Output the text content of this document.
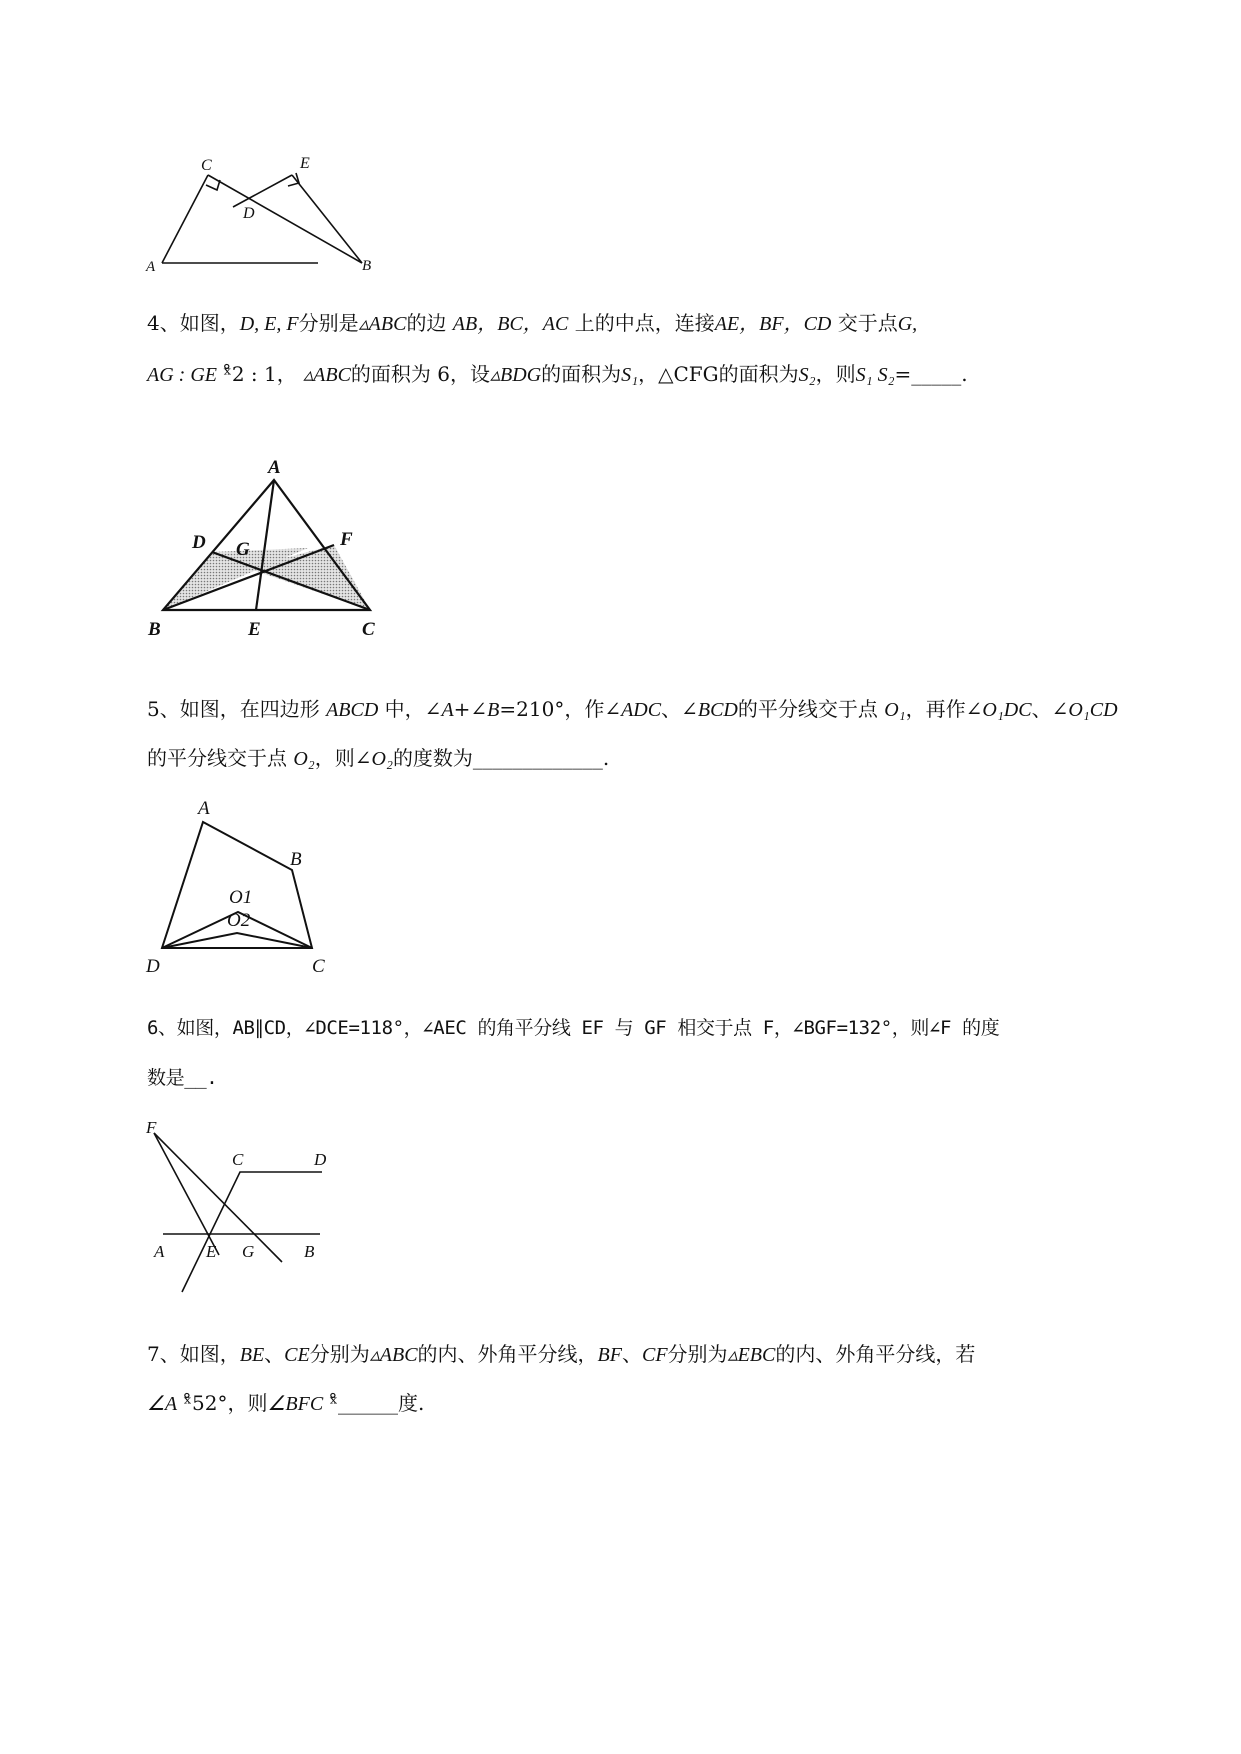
C	E
D
A	B

4、如图，D, E, F分别是▵ABC的边 AB，BC，AC 上的中点，连接AE，BF，CD 交于点G,

AG : GE ˣ̊2 : 1， ▵ABC的面积为 6，设▵BDG的面积为S₁，△CFG的面积为S₂，则S₁ S₂=_____.

A
D G	F
B	E	C

5、如图，在四边形 ABCD 中，∠A+∠B=210°，作∠ADC、∠BCD的平分线交于点 O₁，再作∠O₁DC、∠O₁CD

的平分线交于点 O₂，则∠O₂的度数为_____________.

A
B
O1
O2
D	C

6、如图，AB∥CD，∠DCE=118°，∠AEC 的角平分线 EF 与 GF 相交于点 F，∠BGF=132°，则∠F 的度

数是__.

F
C	D
A E G	B

7、如图，BE、CE分别为▵ABC的内、外角平分线，BF、CF分别为▵EBC的内、外角平分线，若

∠A ˣ̊52°，则∠BFC ˣ̊______度.
